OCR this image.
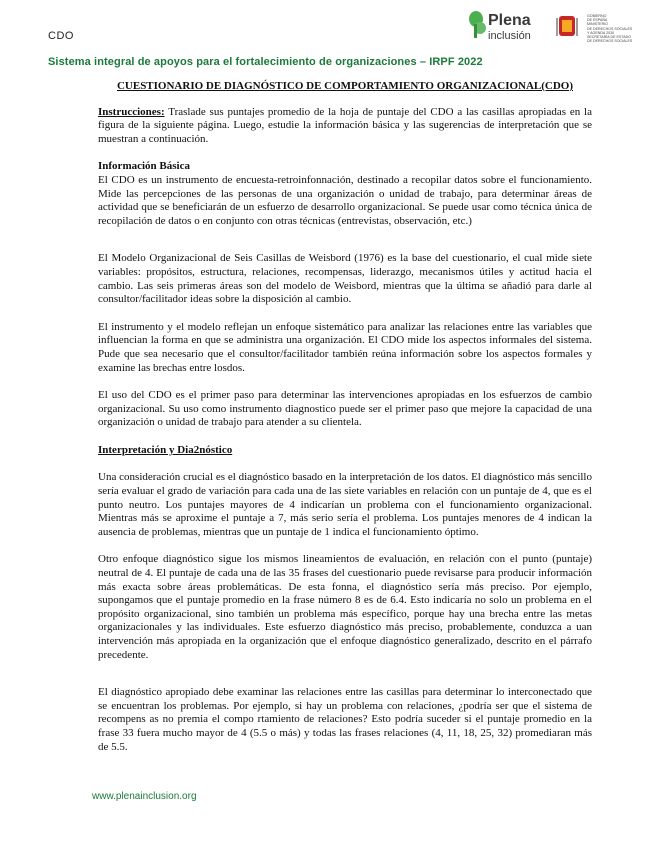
CDO
Plena
inclusión
GOBIERNO
DE ESPAÑA
MINISTERIO
DE DERECHOS SOCIALES
Y AGENDA 2030
SECRETARÍA DE ESTADO
DE DERECHOS SOCIALES
Sistema integral de apoyos para el fortalecimiento de organizaciones – IRPF 2022
CUESTIONARIO DE DIAGNÓSTICO DE COMPORTAMIENTO ORGANIZACIONAL(CDO)

Instrucciones: Traslade sus puntajes promedio de la hoja de puntaje del CDO a las casillas apropiadas en la figura de la siguiente página. Luego, estudie la información básica y las sugerencias de interpretación que se muestran a continuación.

Información Básica
El CDO es un instrumento de encuesta-retroinfonnación, destinado a recopilar datos sobre el funcionamiento. Mide las percepciones de las personas de una organización o unidad de trabajo, para determinar áreas de actividad que se beneficiarán de un esfuerzo de desarrollo organizacional. Se puede usar como técnica única de recopilación de datos o en conjunto con otras técnicas (entrevistas, observación, etc.)

El Modelo Organizacional de Seis Casillas de Weisbord (1976) es la base del cuestionario, el cual mide siete variables: propósitos, estructura, relaciones, recompensas, liderazgo, mecanismos útiles y actitud hacia el cambio. Las seis primeras áreas son del modelo de Weisbord, mientras que la última se añadió para darle al consultor/facilitador ideas sobre la disposición al cambio.

El instrumento y el modelo reflejan un enfoque sistemático para analizar las relaciones entre las variables que influencian la forma en que se administra una organización. El CDO mide los aspectos informales del sistema. Pude que sea necesario que el consultor/facilitador también reúna información sobre los aspectos formales y examine las brechas entre losdos.

El uso del CDO es el primer paso para determinar las intervenciones apropiadas en los esfuerzos de cambio organizacional. Su uso como instrumento diagnostico puede ser el primer paso que mejore la capacidad de una organización o unidad de trabajo para atender a su clientela.

Interpretación y Dia2nóstico

Una consideración crucial es el diagnóstico basado en la interpretación de los datos. El diagnóstico más sencillo sería evaluar el grado de variación para cada una de las siete variables en relación con un puntaje de 4, que es el punto neutro. Los puntajes mayores de 4 indicarían un problema con el funcionamiento organizacional. Mientras más se aproxime el puntaje a 7, más serio sería el problema. Los puntajes menores de 4 indican la ausencia de problemas, mientras que un puntaje de 1 indica el funcionamiento óptimo.

Otro enfoque diagnóstico sigue los mismos lineamientos de evaluación, en relación con el punto (puntaje) neutral de 4. El puntaje de cada una de las 35 frases del cuestionario puede revisarse para producir información más exacta sobre áreas problemáticas. De esta fonna, el diagnóstico sería más preciso. Por ejemplo, supongamos que el puntaje promedio en la frase número 8 es de 6.4. Esto indicaría no solo un problema en el propósito organizacional, sino también un problema más específico, porque hay una brecha entre las metas organizacionales y las individuales. Este esfuerzo diagnóstico más preciso, probablemente, conduzca a uan intervención más apropiada en la organización que el enfoque diagnóstico generalizado, descrito en el párrafo precedente.

El diagnóstico apropiado debe examinar las relaciones entre las casillas para determinar lo interconectado que se encuentran los problemas. Por ejemplo, si hay un problema con relaciones, ¿podría ser que el sistema de recompens as no premia el compo rtamiento de relaciones? Esto podría suceder si el puntaje promedio en la frase 33 fuera mucho mayor de 4 (5.5 o más) y todas las frases relaciones (4, 11, 18, 25, 32) promediaran más de 5.5.

www.plenainclusion.org
